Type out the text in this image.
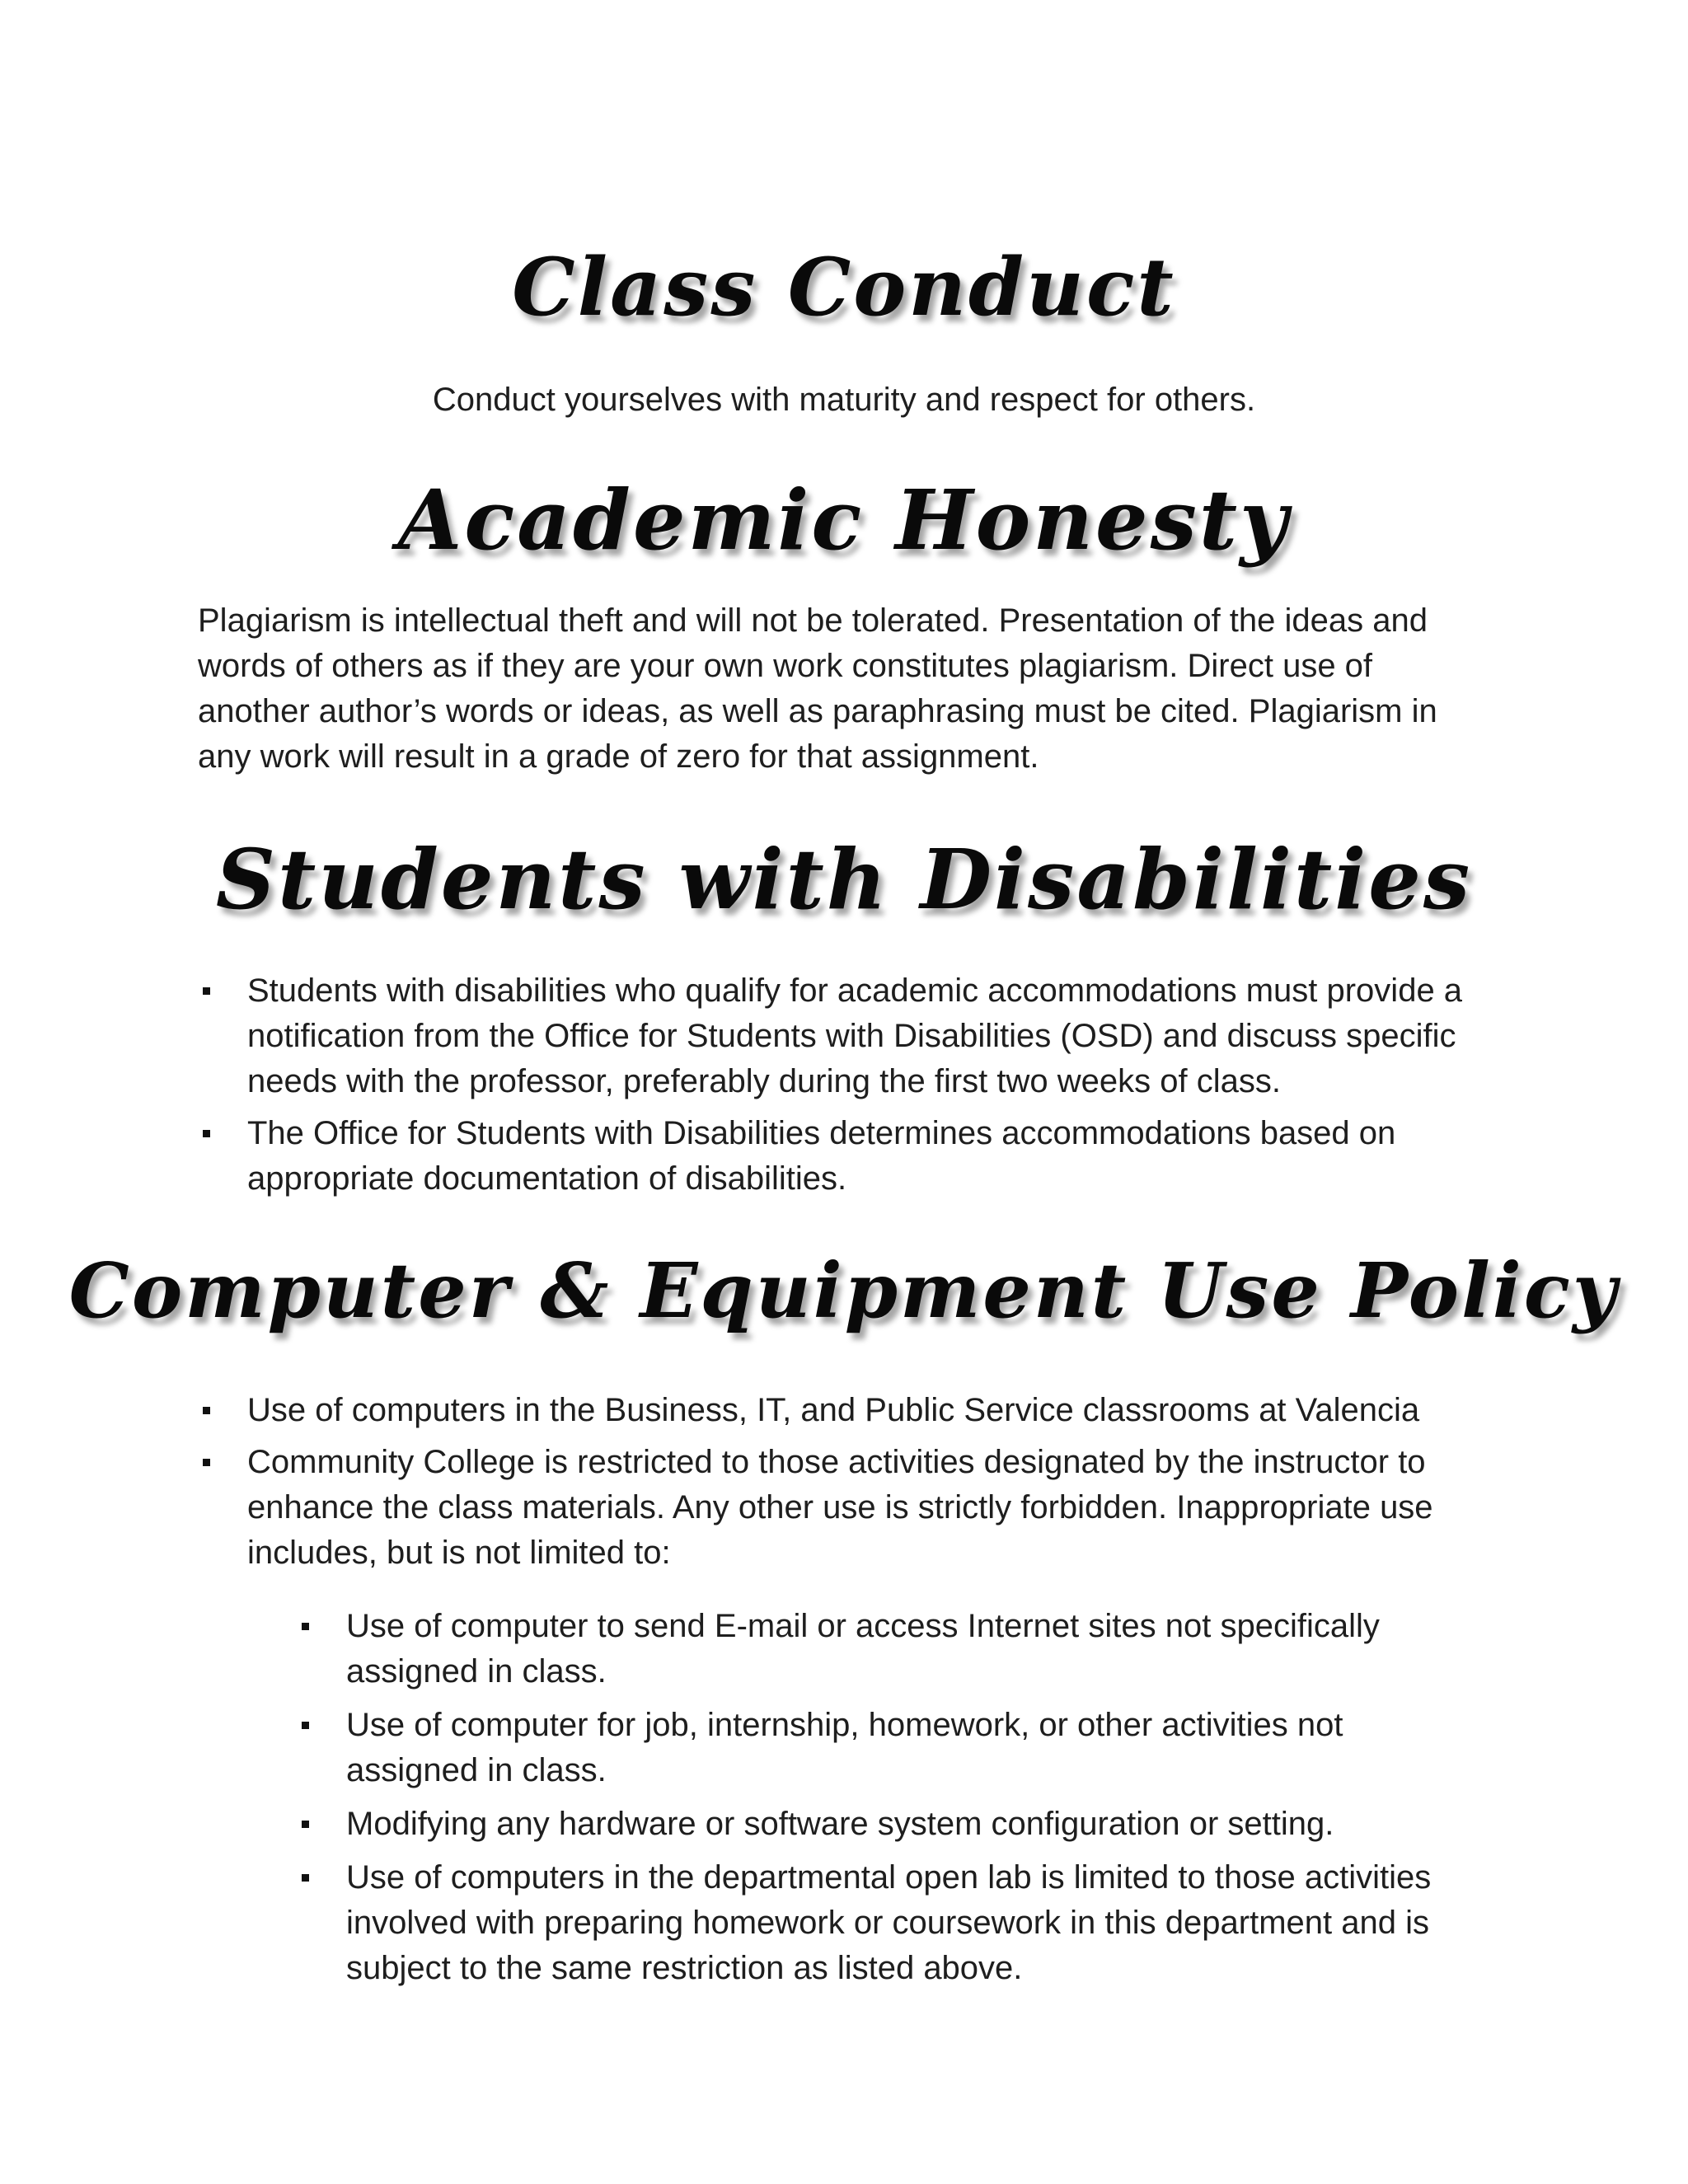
Class Conduct

Conduct yourselves with maturity and respect for others.

Academic Honesty

Plagiarism is intellectual theft and will not be tolerated. Presentation of the ideas and words of others as if they are your own work constitutes plagiarism. Direct use of another author’s words or ideas, as well as paraphrasing must be cited. Plagiarism in any work will result in a grade of zero for that assignment.

Students with Disabilities
Students with disabilities who qualify for academic accommodations must provide a notification from the Office for Students with Disabilities (OSD) and discuss specific needs with the professor, preferably during the first two weeks of class.
The Office for Students with Disabilities determines accommodations based on appropriate documentation of disabilities.
Computer & Equipment Use Policy
Use of computers in the Business, IT, and Public Service classrooms at Valencia
Community College is restricted to those activities designated by the instructor to enhance the class materials. Any other use is strictly forbidden. Inappropriate use includes, but is not limited to:
Use of computer to send E-mail or access Internet sites not specifically assigned in class.
Use of computer for job, internship, homework, or other activities not assigned in class.
Modifying any hardware or software system configuration or setting.
Use of computers in the departmental open lab is limited to those activities involved with preparing homework or coursework in this department and is subject to the same restriction as listed above.
